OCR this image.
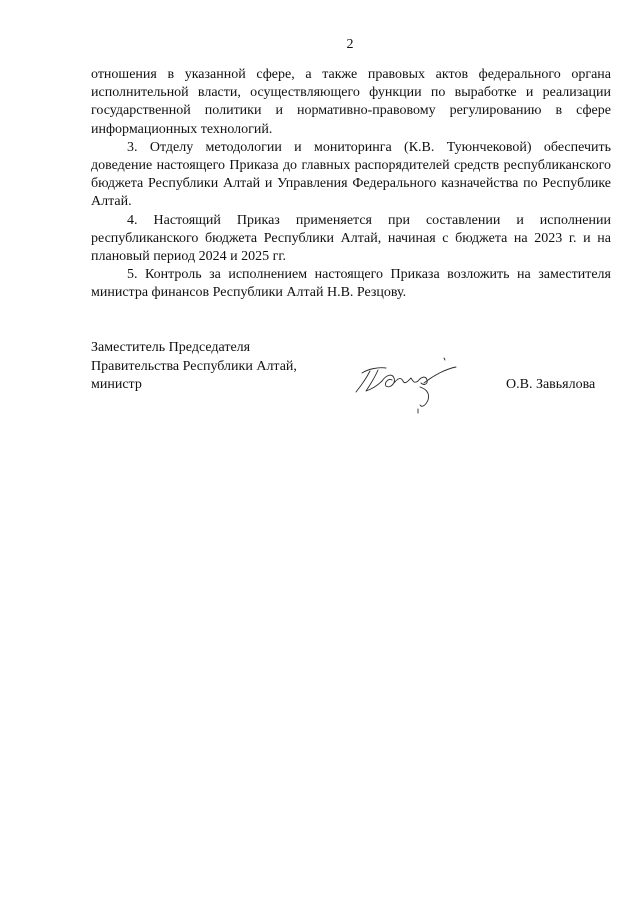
2

отношения в указанной сфере, а также правовых актов федерального органа исполнительной власти, осуществляющего функции по выработке и реализации государственной политики и нормативно-правовому регулированию в сфере информационных технологий.

3. Отделу методологии и мониторинга (К.В. Туюнчековой) обеспечить доведение настоящего Приказа до главных распорядителей средств республиканского бюджета Республики Алтай и Управления Федерального казначейства по Республике Алтай.

4. Настоящий Приказ применяется при составлении и исполнении республиканского бюджета Республики Алтай, начиная с бюджета на 2023 г. и на плановый период 2024 и 2025 гг.

5. Контроль за исполнением настоящего Приказа возложить на заместителя министра финансов Республики Алтай Н.В. Резцову.

Заместитель Председателя
Правительства Республики Алтай,
министр	О.В. Завьялова
